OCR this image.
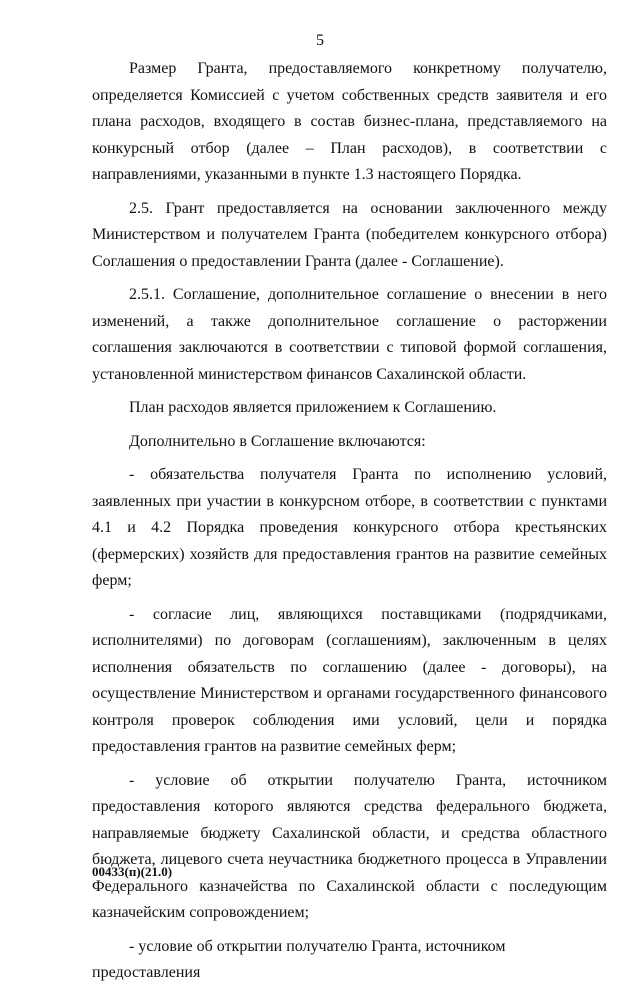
5

Размер Гранта, предоставляемого конкретному получателю, определяется Комиссией с учетом собственных средств заявителя и его плана расходов, входящего в состав бизнес-плана, представляемого на конкурсный отбор (далее – План расходов), в соответствии с направлениями, указанными в пункте 1.3 настоящего Порядка.

2.5. Грант предоставляется на основании заключенного между Министерством и получателем Гранта (победителем конкурсного отбора) Соглашения о предоставлении Гранта (далее - Соглашение).

2.5.1. Соглашение, дополнительное соглашение о внесении в него изменений, а также дополнительное соглашение о расторжении соглашения заключаются в соответствии с типовой формой соглашения, установленной министерством финансов Сахалинской области.

План расходов является приложением к Соглашению.

Дополнительно в Соглашение включаются:

- обязательства получателя Гранта по исполнению условий, заявленных при участии в конкурсном отборе, в соответствии с пунктами 4.1 и 4.2 Порядка проведения конкурсного отбора крестьянских (фермерских) хозяйств для предоставления грантов на развитие семейных ферм;

- согласие лиц, являющихся поставщиками (подрядчиками, исполнителями) по договорам (соглашениям), заключенным в целях исполнения обязательств по соглашению (далее - договоры), на осуществление Министерством и органами государственного финансового контроля проверок соблюдения ими условий, цели и порядка предоставления грантов на развитие семейных ферм;

- условие об открытии получателю Гранта, источником предоставления которого являются средства федерального бюджета, направляемые бюджету Сахалинской области, и средства областного бюджета, лицевого счета неучастника бюджетного процесса в Управлении Федерального казначейства по Сахалинской области с последующим казначейским сопровождением;

- условие об открытии получателю Гранта, источником предоставления

00433(п)(21.0)
